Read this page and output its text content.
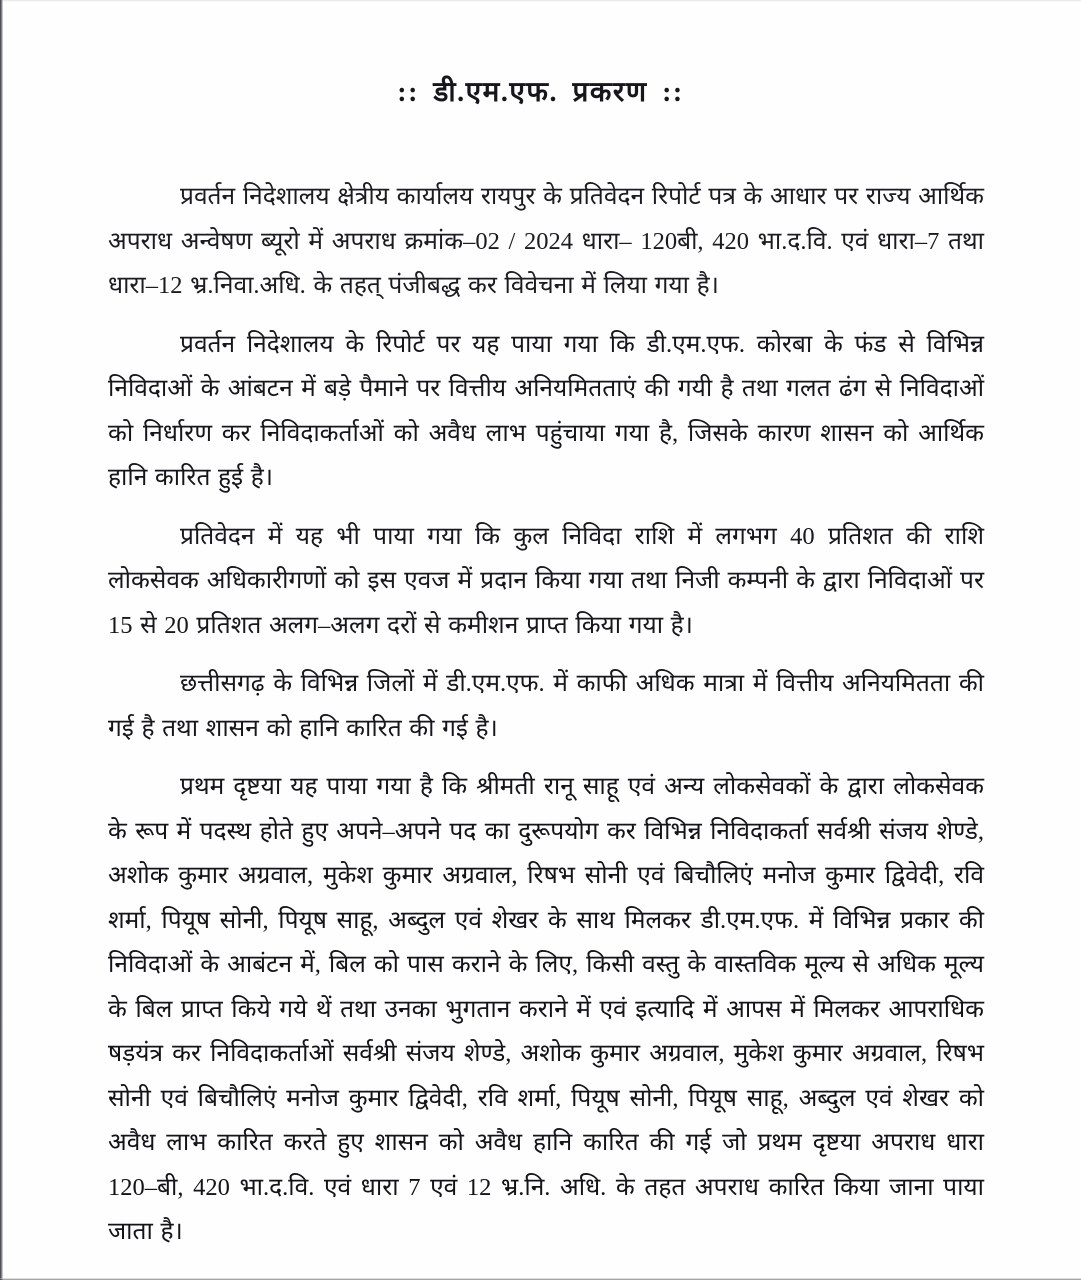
:: डी.एम.एफ. प्रकरण ::

प्रवर्तन निदेशालय क्षेत्रीय कार्यालय रायपुर के प्रतिवेदन रिपोर्ट पत्र के आधार पर राज्य आर्थिक अपराध अन्वेषण ब्यूरो में अपराध क्रमांक–02 / 2024 धारा– 120बी, 420 भा.द.वि. एवं धारा–7 तथा धारा–12 भ्र.निवा.अधि. के तहत् पंजीबद्ध कर विवेचना में लिया गया है।

प्रवर्तन निदेशालय के रिपोर्ट पर यह पाया गया कि डी.एम.एफ. कोरबा के फंड से विभिन्न निविदाओं के आंबटन में बड़े पैमाने पर वित्तीय अनियमितताएं की गयी है तथा गलत ढंग से निविदाओं को निर्धारण कर निविदाकर्ताओं को अवैध लाभ पहुंचाया गया है, जिसके कारण शासन को आर्थिक हानि कारित हुई है।

प्रतिवेदन में यह भी पाया गया कि कुल निविदा राशि में लगभग 40 प्रतिशत की राशि लोकसेवक अधिकारीगणों को इस एवज में प्रदान किया गया तथा निजी कम्पनी के द्वारा निविदाओं पर 15 से 20 प्रतिशत अलग–अलग दरों से कमीशन प्राप्त किया गया है।

छत्तीसगढ़ के विभिन्न जिलों में डी.एम.एफ. में काफी अधिक मात्रा में वित्तीय अनियमितता की गई है तथा शासन को हानि कारित की गई है।

प्रथम दृष्टया यह पाया गया है कि श्रीमती रानू साहू एवं अन्य लोकसेवकों के द्वारा लोकसेवक के रूप में पदस्थ होते हुए अपने–अपने पद का दुरूपयोग कर विभिन्न निविदाकर्ता सर्वश्री संजय शेण्डे, अशोक कुमार अग्रवाल, मुकेश कुमार अग्रवाल, रिषभ सोनी एवं बिचौलिएं मनोज कुमार द्विवेदी, रवि शर्मा, पियूष सोनी, पियूष साहू, अब्दुल एवं शेखर के साथ मिलकर डी.एम.एफ. में विभिन्न प्रकार की निविदाओं के आबंटन में, बिल को पास कराने के लिए, किसी वस्तु के वास्तविक मूल्य से अधिक मूल्य के बिल प्राप्त किये गये थें तथा उनका भुगतान कराने में एवं इत्यादि में आपस में मिलकर आपराधिक षड़यंत्र कर निविदाकर्ताओं सर्वश्री संजय शेण्डे, अशोक कुमार अग्रवाल, मुकेश कुमार अग्रवाल, रिषभ सोनी एवं बिचौलिएं मनोज कुमार द्विवेदी, रवि शर्मा, पियूष सोनी, पियूष साहू, अब्दुल एवं शेखर को अवैध लाभ कारित करते हुए शासन को अवैध हानि कारित की गई जो प्रथम दृष्टया अपराध धारा 120–बी, 420 भा.द.वि. एवं धारा 7 एवं 12 भ्र.नि. अधि. के तहत अपराध कारित किया जाना पाया जाता है।
